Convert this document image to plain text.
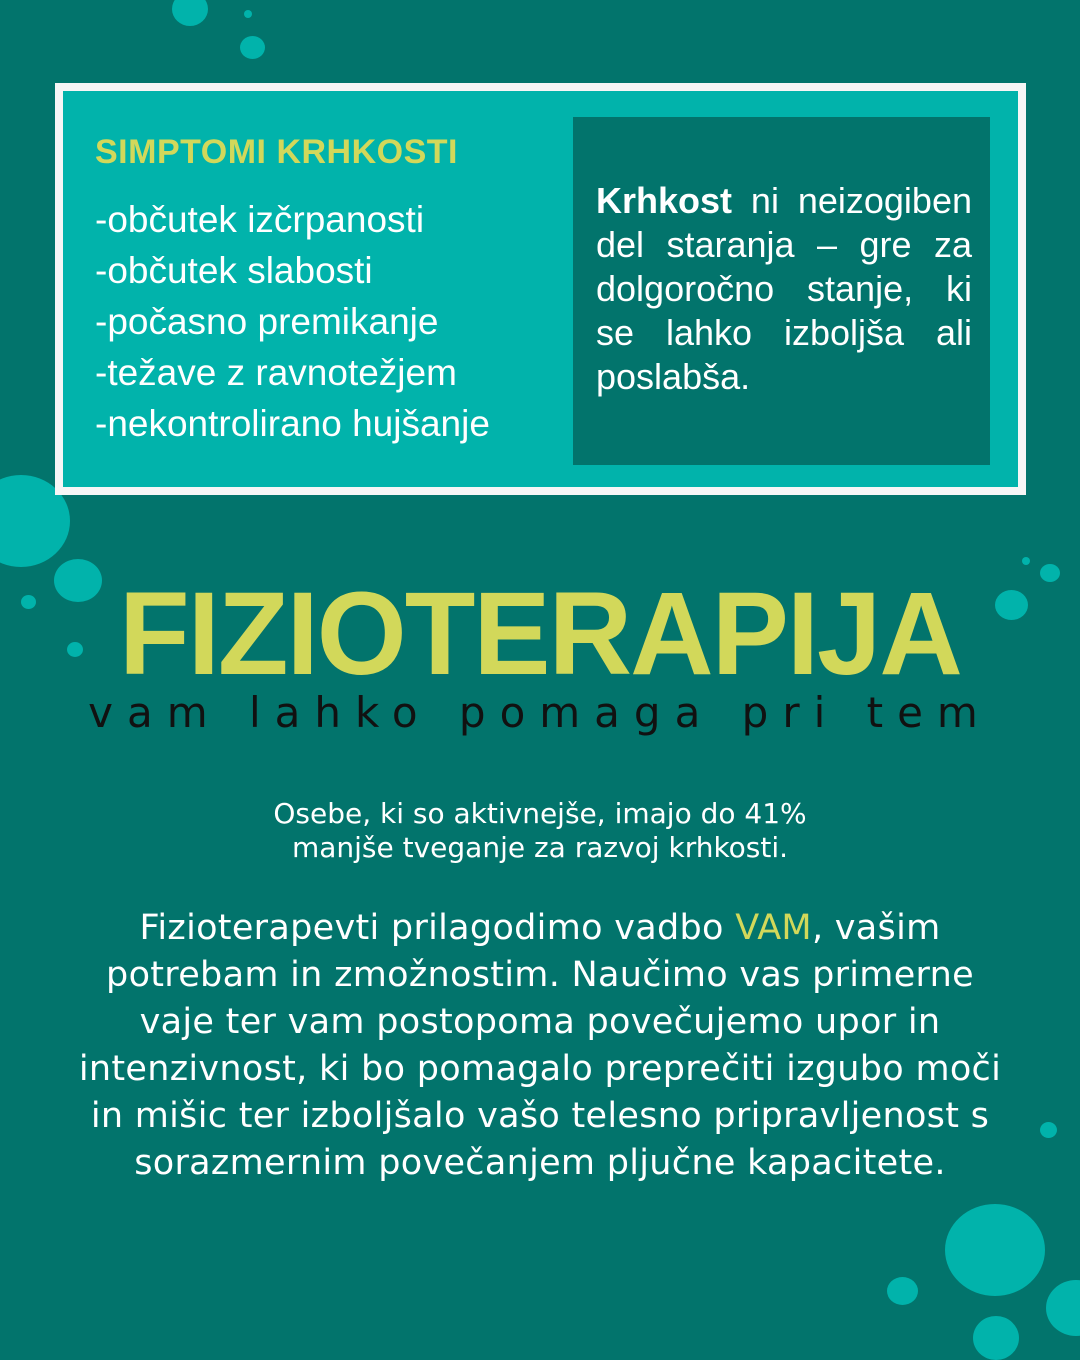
SIMPTOMI KRHKOSTI
-občutek izčrpanosti
-občutek slabosti
-počasno premikanje
-težave z ravnotežjem
-nekontrolirano hujšanje

Krhkost ni neizogiben del staranja – gre za dolgoročno stanje, ki se lahko izboljša ali poslabša.

FIZIOTERAPIJA
vam lahko pomaga pri tem
Osebe, ki so aktivnejše, imajo do 41%
manjše tveganje za razvoj krhkosti.
Fizioterapevti prilagodimo vadbo VAM, vašim potrebam in zmožnostim. Naučimo vas primerne vaje ter vam postopoma povečujemo upor in intenzivnost, ki bo pomagalo preprečiti izgubo moči in mišic ter izboljšalo vašo telesno pripravljenost s sorazmernim povečanjem pljučne kapacitete.
